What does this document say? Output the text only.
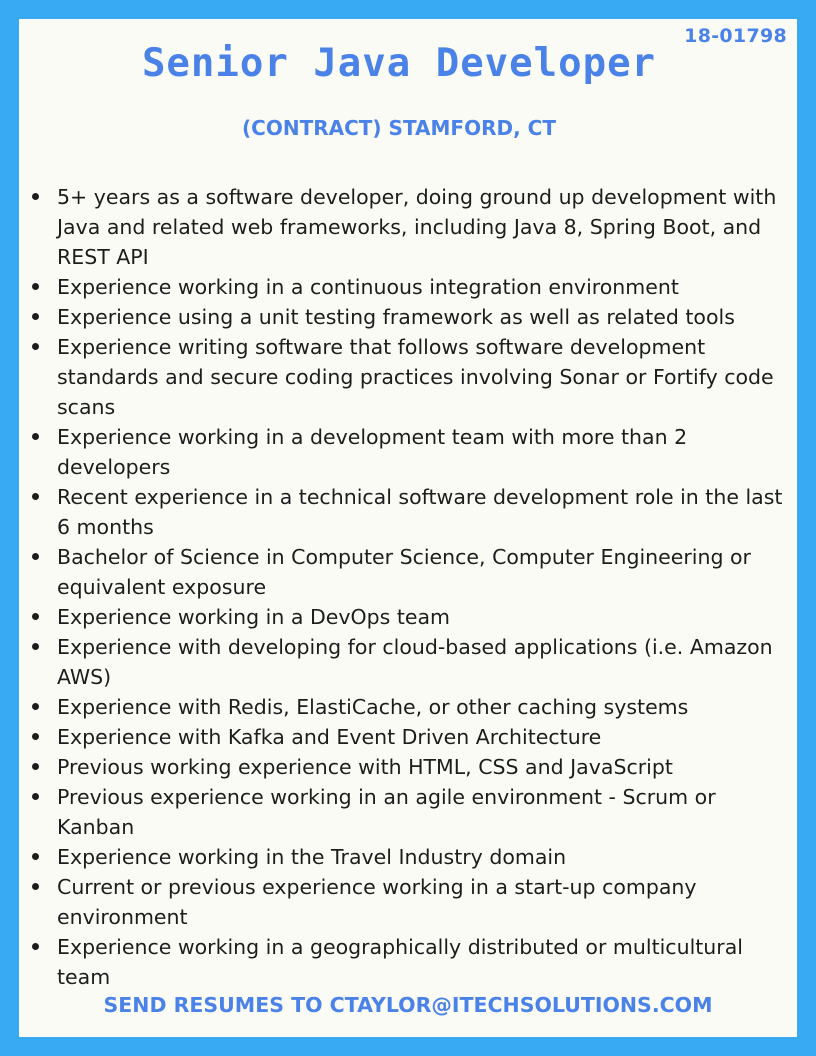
18-01798
Senior Java Developer
(CONTRACT) STAMFORD, CT
5+ years as a software developer, doing ground up development with Java and related web frameworks, including Java 8, Spring Boot, and REST API
Experience working in a continuous integration environment
Experience using a unit testing framework as well as related tools
Experience writing software that follows software development standards and secure coding practices involving Sonar or Fortify code scans
Experience working in a development team with more than 2 developers
Recent experience in a technical software development role in the last 6 months
Bachelor of Science in Computer Science, Computer Engineering or equivalent exposure
Experience working in a DevOps team
Experience with developing for cloud-based applications (i.e. Amazon AWS)
Experience with Redis, ElastiCache, or other caching systems
Experience with Kafka and Event Driven Architecture
Previous working experience with HTML, CSS and JavaScript
Previous experience working in an agile environment - Scrum or Kanban
Experience working in the Travel Industry domain
Current or previous experience working in a start-up company environment
Experience working in a geographically distributed or multicultural team
SEND RESUMES TO CTAYLOR@ITECHSOLUTIONS.COM
